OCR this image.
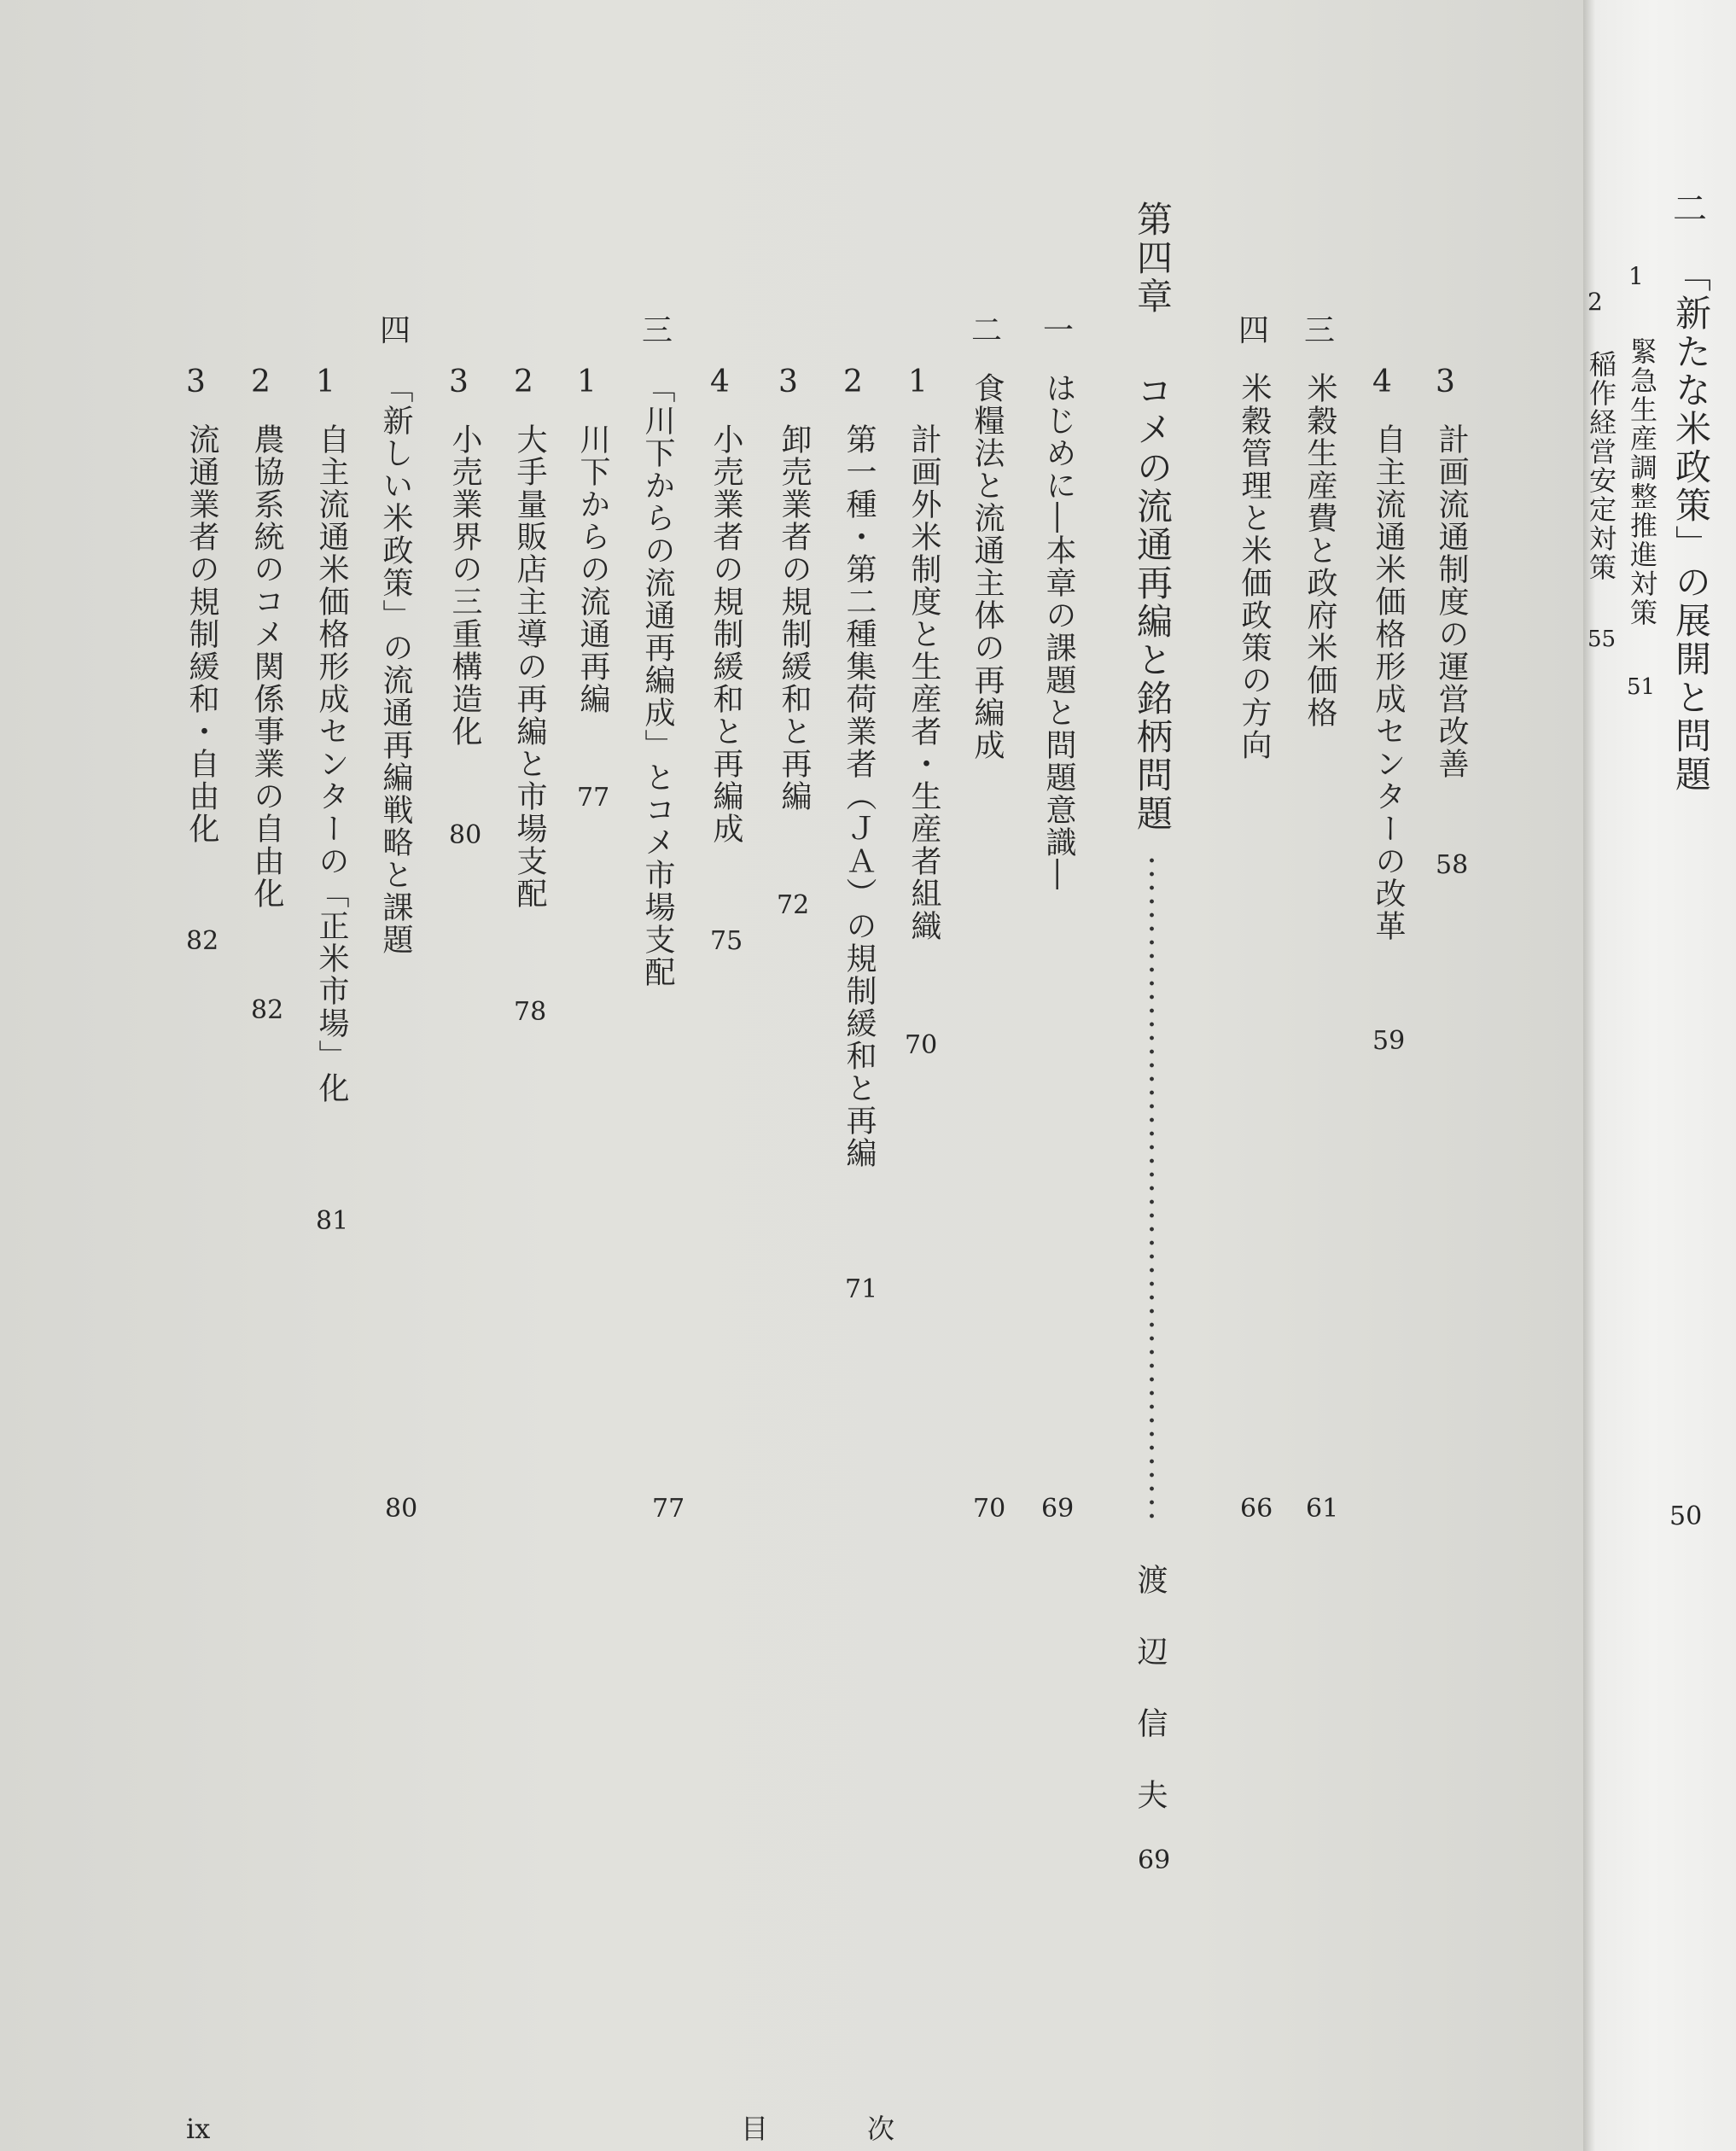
二
「新たな米政策」の展開と問題
50
1
緊急生産調整推進対策
51
2
稲作経営安定対策
55
3
計画流通制度の運営改善
58
4
自主流通米価格形成センターの改革
59
三
米穀生産費と政府米価格
61
四
米穀管理と米価政策の方向
66
第四章
コメの流通再編と銘柄問題
渡辺信夫
69
一
はじめに―本章の課題と問題意識―
69
二
食糧法と流通主体の再編成
70
1
計画外米制度と生産者・生産者組織
70
2
第一種・第二種集荷業者（ＪＡ）の規制緩和と再編
71
3
卸売業者の規制緩和と再編
72
4
小売業者の規制緩和と再編成
75
三
「川下からの流通再編成」とコメ市場支配
77
1
川下からの流通再編
77
2
大手量販店主導の再編と市場支配
78
3
小売業界の三重構造化
80
四
「新しい米政策」の流通再編戦略と課題
80
1
自主流通米価格形成センターの「正米市場」化
81
2
農協系統のコメ関係事業の自由化
82
3
流通業者の規制緩和・自由化
82
ix	目	次
